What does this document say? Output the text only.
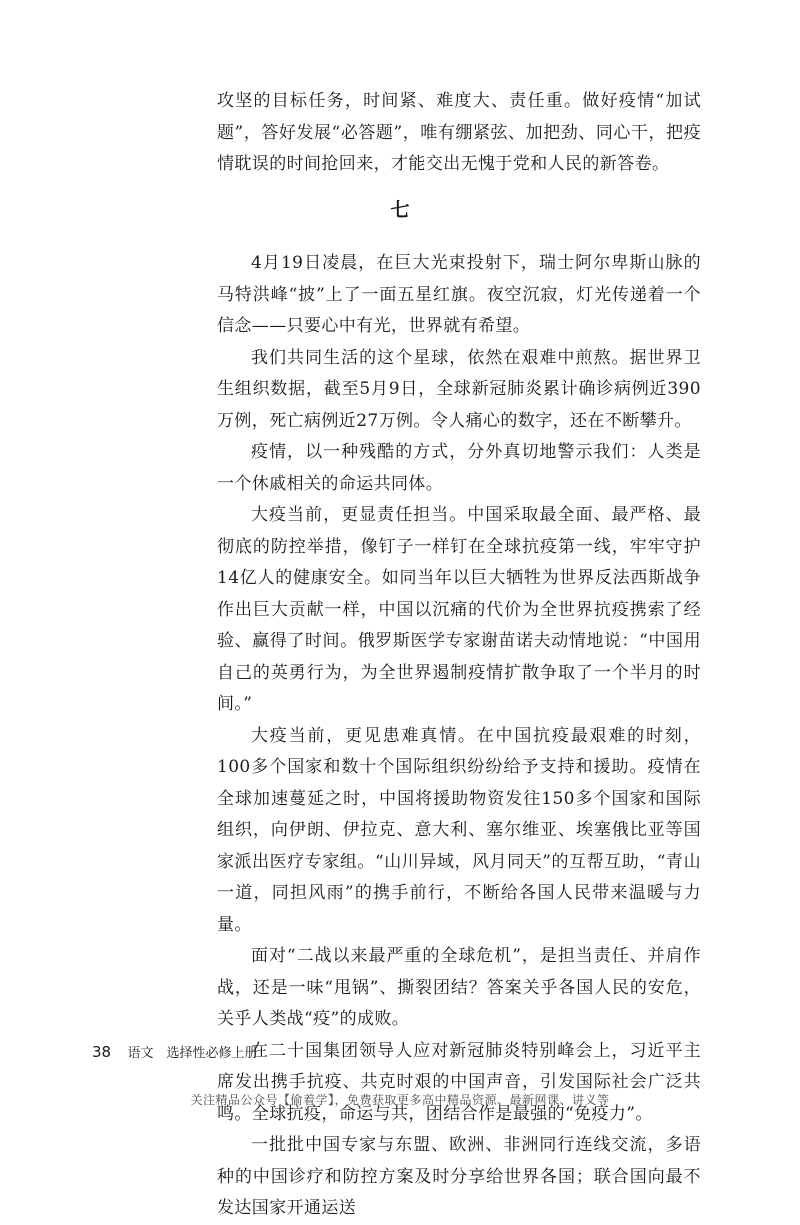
攻坚的目标任务，时间紧、难度大、责任重。做好疫情“加试题”，答好发展“必答题”，唯有绷紧弦、加把劲、同心干，把疫情耽误的时间抢回来，才能交出无愧于党和人民的新答卷。

七

4月19日凌晨，在巨大光束投射下，瑞士阿尔卑斯山脉的马特洪峰“披”上了一面五星红旗。夜空沉寂，灯光传递着一个信念——只要心中有光，世界就有希望。

我们共同生活的这个星球，依然在艰难中煎熬。据世界卫生组织数据，截至5月9日，全球新冠肺炎累计确诊病例近390万例，死亡病例近27万例。令人痛心的数字，还在不断攀升。

疫情，以一种残酷的方式，分外真切地警示我们：人类是一个休戚相关的命运共同体。

大疫当前，更显责任担当。中国采取最全面、最严格、最彻底的防控举措，像钉子一样钉在全球抗疫第一线，牢牢守护14亿人的健康安全。如同当年以巨大牺牲为世界反法西斯战争作出巨大贡献一样，中国以沉痛的代价为全世界抗疫携索了经验、赢得了时间。俄罗斯医学专家谢苗诺夫动情地说：“中国用自己的英勇行为，为全世界遏制疫情扩散争取了一个半月的时间。”

大疫当前，更见患难真情。在中国抗疫最艰难的时刻，100多个国家和数十个国际组织纷纷给予支持和援助。疫情在全球加速蔓延之时，中国将援助物资发往150多个国家和国际组织，向伊朗、伊拉克、意大利、塞尔维亚、埃塞俄比亚等国家派出医疗专家组。“山川异域，风月同天”的互帮互助，“青山一道，同担风雨”的携手前行，不断给各国人民带来温暖与力量。

面对“二战以来最严重的全球危机”，是担当责任、并肩作战，还是一味“甩锅”、撕裂团结？答案关乎各国人民的安危，关乎人类战“疫”的成败。

在二十国集团领导人应对新冠肺炎特别峰会上，习近平主席发出携手抗疫、共克时艰的中国声音，引发国际社会广泛共鸣。全球抗疫，命运与共，团结合作是最强的“免疫力”。

一批批中国专家与东盟、欧洲、非洲同行连线交流，多语种的中国诊疗和防控方案及时分享给世界各国；联合国向最不发达国家开通运送

38 语文　选择性必修上册
关注精品公众号【偷着学】，免费获取更多高中精品资源、最新网课、讲义等
